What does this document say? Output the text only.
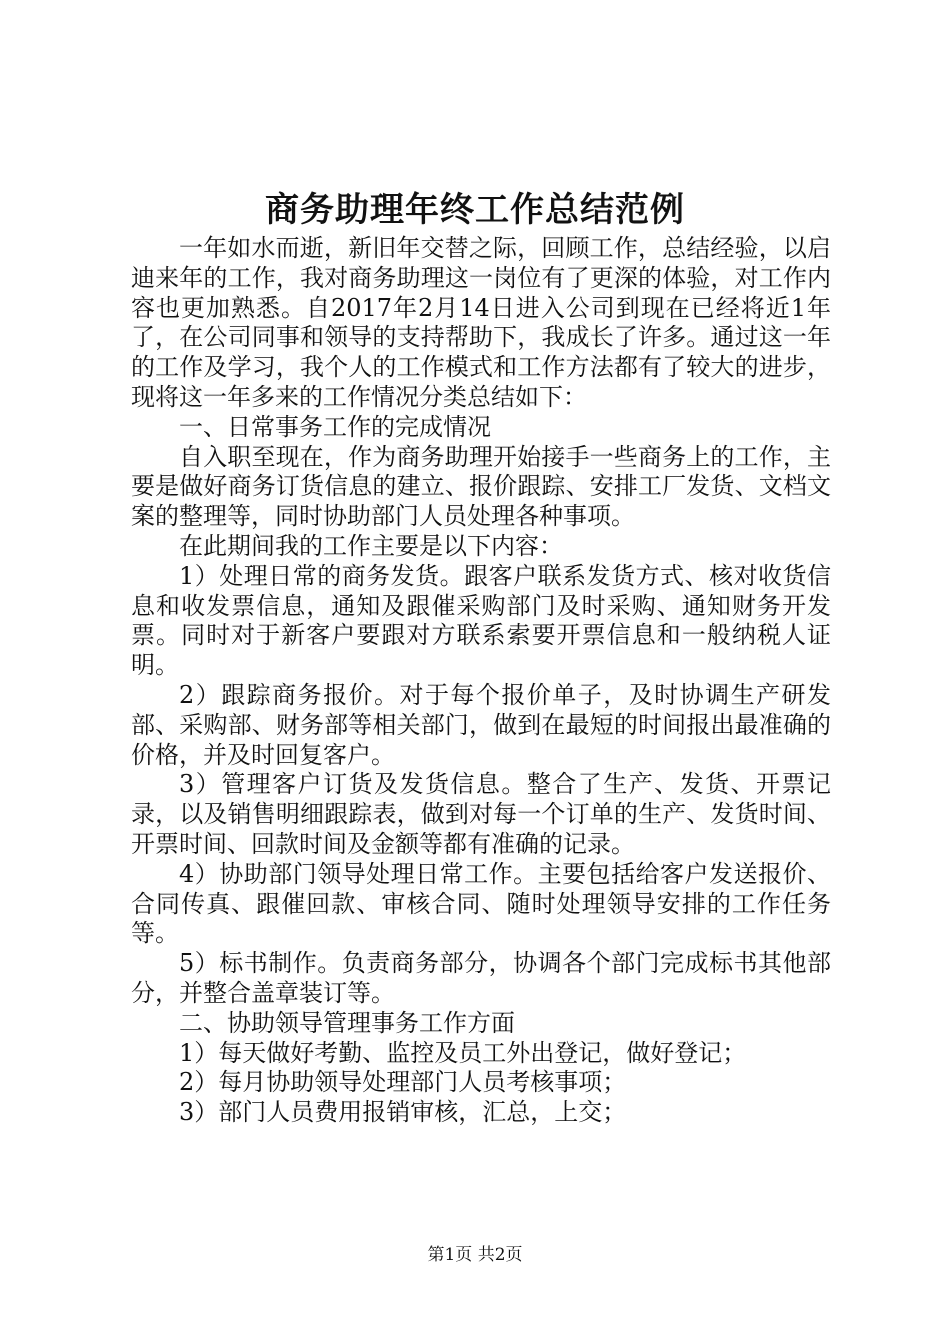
商务助理年终工作总结范例

一年如水而逝，新旧年交替之际，回顾工作，总结经验，以启迪来年的工作，我对商务助理这一岗位有了更深的体验，对工作内容也更加熟悉。自2017年2月14日进入公司到现在已经将近1年了，在公司同事和领导的支持帮助下，我成长了许多。通过这一年的工作及学习，我个人的工作模式和工作方法都有了较大的进步，现将这一年多来的工作情况分类总结如下：

一、日常事务工作的完成情况

自入职至现在，作为商务助理开始接手一些商务上的工作，主要是做好商务订货信息的建立、报价跟踪、安排工厂发货、文档文案的整理等，同时协助部门人员处理各种事项。

在此期间我的工作主要是以下内容：

1）处理日常的商务发货。跟客户联系发货方式、核对收货信息和收发票信息，通知及跟催采购部门及时采购、通知财务开发票。同时对于新客户要跟对方联系索要开票信息和一般纳税人证明。

2）跟踪商务报价。对于每个报价单子，及时协调生产研发部、采购部、财务部等相关部门，做到在最短的时间报出最准确的价格，并及时回复客户。

3）管理客户订货及发货信息。整合了生产、发货、开票记录，以及销售明细跟踪表，做到对每一个订单的生产、发货时间、开票时间、回款时间及金额等都有准确的记录。

4）协助部门领导处理日常工作。主要包括给客户发送报价、合同传真、跟催回款、审核合同、随时处理领导安排的工作任务等。

5）标书制作。负责商务部分，协调各个部门完成标书其他部分，并整合盖章装订等。

二、协助领导管理事务工作方面

1）每天做好考勤、监控及员工外出登记，做好登记；

2）每月协助领导处理部门人员考核事项；

3）部门人员费用报销审核，汇总，上交；

第1页 共2页
